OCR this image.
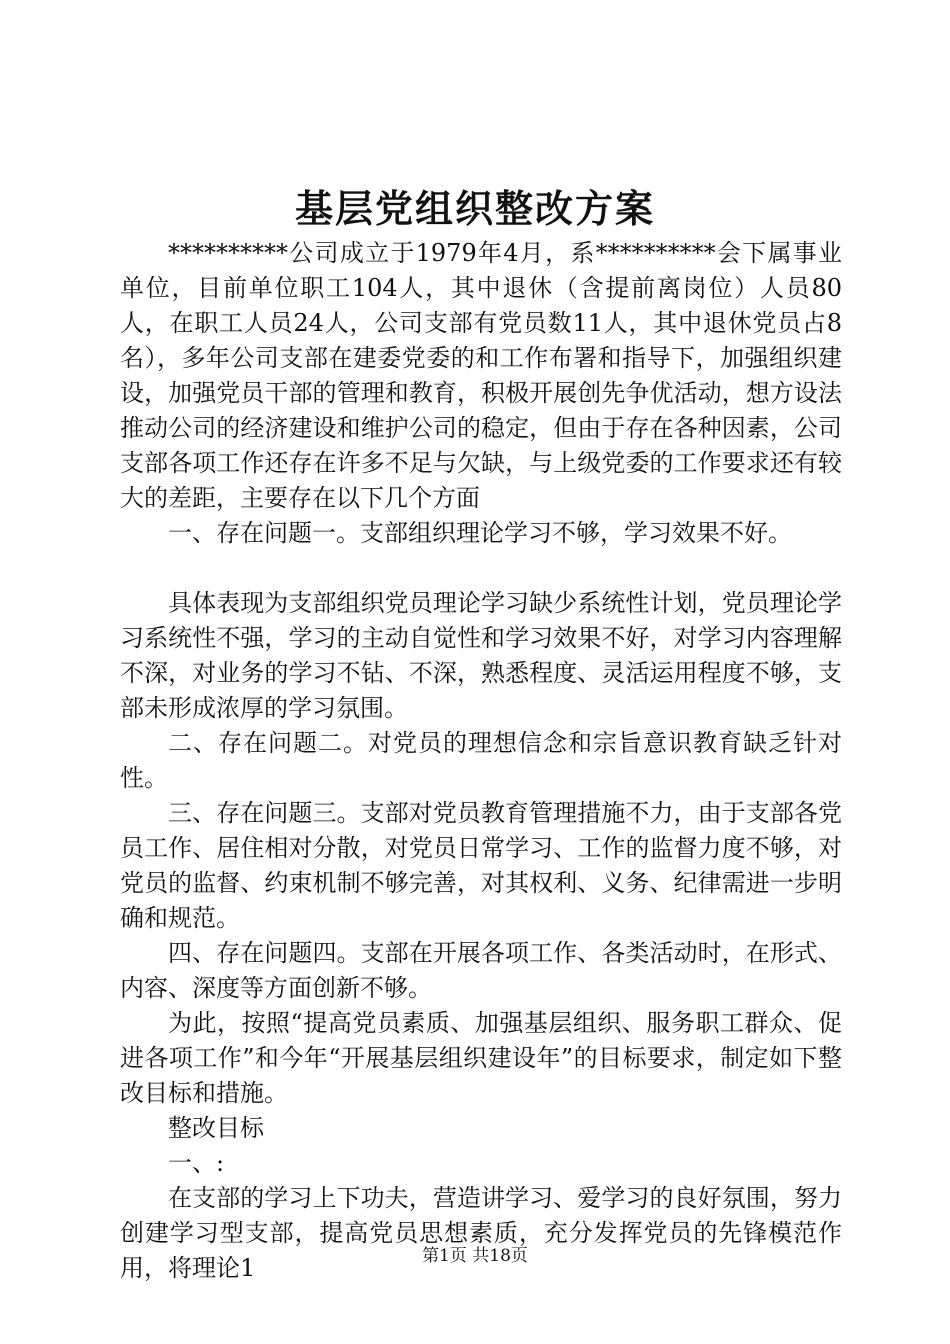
基层党组织整改方案

**********公司成立于1979年4月，系**********会下属事业单位，目前单位职工104人，其中退休（含提前离岗位）人员80人，在职工人员24人，公司支部有党员数11人，其中退休党员占8名），多年公司支部在建委党委的和工作布署和指导下，加强组织建设，加强党员干部的管理和教育，积极开展创先争优活动，想方设法推动公司的经济建设和维护公司的稳定，但由于存在各种因素，公司支部各项工作还存在许多不足与欠缺，与上级党委的工作要求还有较大的差距，主要存在以下几个方面

一、存在问题一。支部组织理论学习不够，学习效果不好。

具体表现为支部组织党员理论学习缺少系统性计划，党员理论学习系统性不强，学习的主动自觉性和学习效果不好，对学习内容理解不深，对业务的学习不钻、不深，熟悉程度、灵活运用程度不够，支部未形成浓厚的学习氛围。

二、存在问题二。对党员的理想信念和宗旨意识教育缺乏针对性。

三、存在问题三。支部对党员教育管理措施不力，由于支部各党员工作、居住相对分散，对党员日常学习、工作的监督力度不够，对党员的监督、约束机制不够完善，对其权利、义务、纪律需进一步明确和规范。

四、存在问题四。支部在开展各项工作、各类活动时，在形式、内容、深度等方面创新不够。

为此，按照“提高党员素质、加强基层组织、服务职工群众、促进各项工作”和今年“开展基层组织建设年”的目标要求，制定如下整改目标和措施。

整改目标

一、:

在支部的学习上下功夫，营造讲学习、爱学习的良好氛围，努力创建学习型支部，提高党员思想素质，充分发挥党员的先锋模范作用，将理论1	第1页 共18页
